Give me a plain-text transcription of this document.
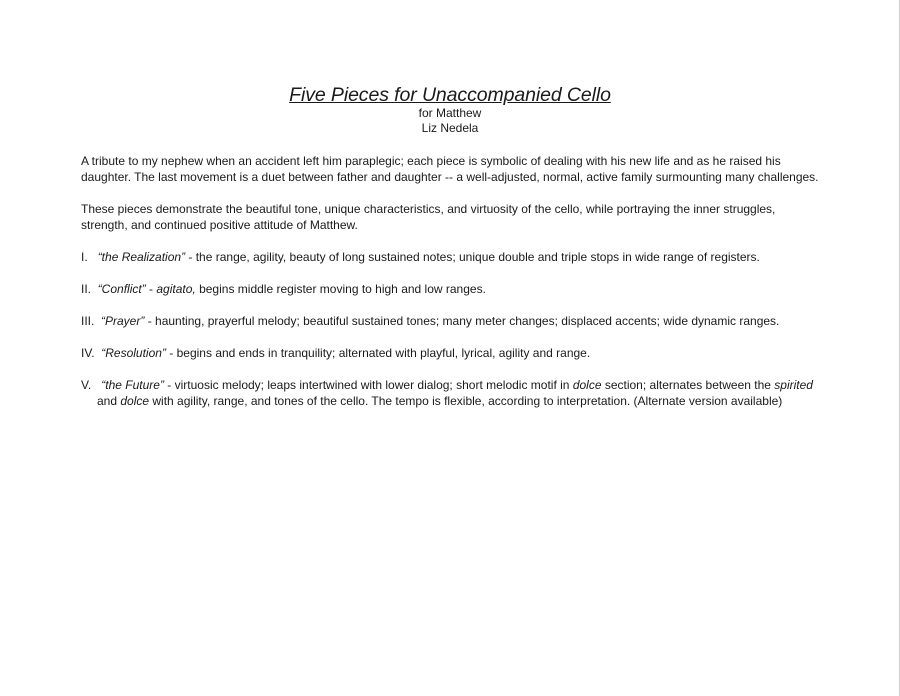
Five Pieces for Unaccompanied Cello
for Matthew
Liz Nedela

A tribute to my nephew when an accident left him paraplegic; each piece is symbolic of dealing with his new life and as he raised his daughter. The last movement is a duet between father and daughter -- a well-adjusted, normal, active family surmounting many challenges.

These pieces demonstrate the beautiful tone, unique characteristics, and virtuosity of the cello, while portraying the inner struggles, strength, and continued positive attitude of Matthew.

I. “the Realization” - the range, agility, beauty of long sustained notes; unique double and triple stops in wide range of registers.
II. “Conflict” - agitato, begins middle register moving to high and low ranges.
III. “Prayer” - haunting, prayerful melody; beautiful sustained tones; many meter changes; displaced accents; wide dynamic ranges.
IV. “Resolution” - begins and ends in tranquility; alternated with playful, lyrical, agility and range.
V. “the Future” - virtuosic melody; leaps intertwined with lower dialog; short melodic motif in dolce section; alternates between the spirited and dolce with agility, range, and tones of the cello. The tempo is flexible, according to interpretation. (Alternate version available)
